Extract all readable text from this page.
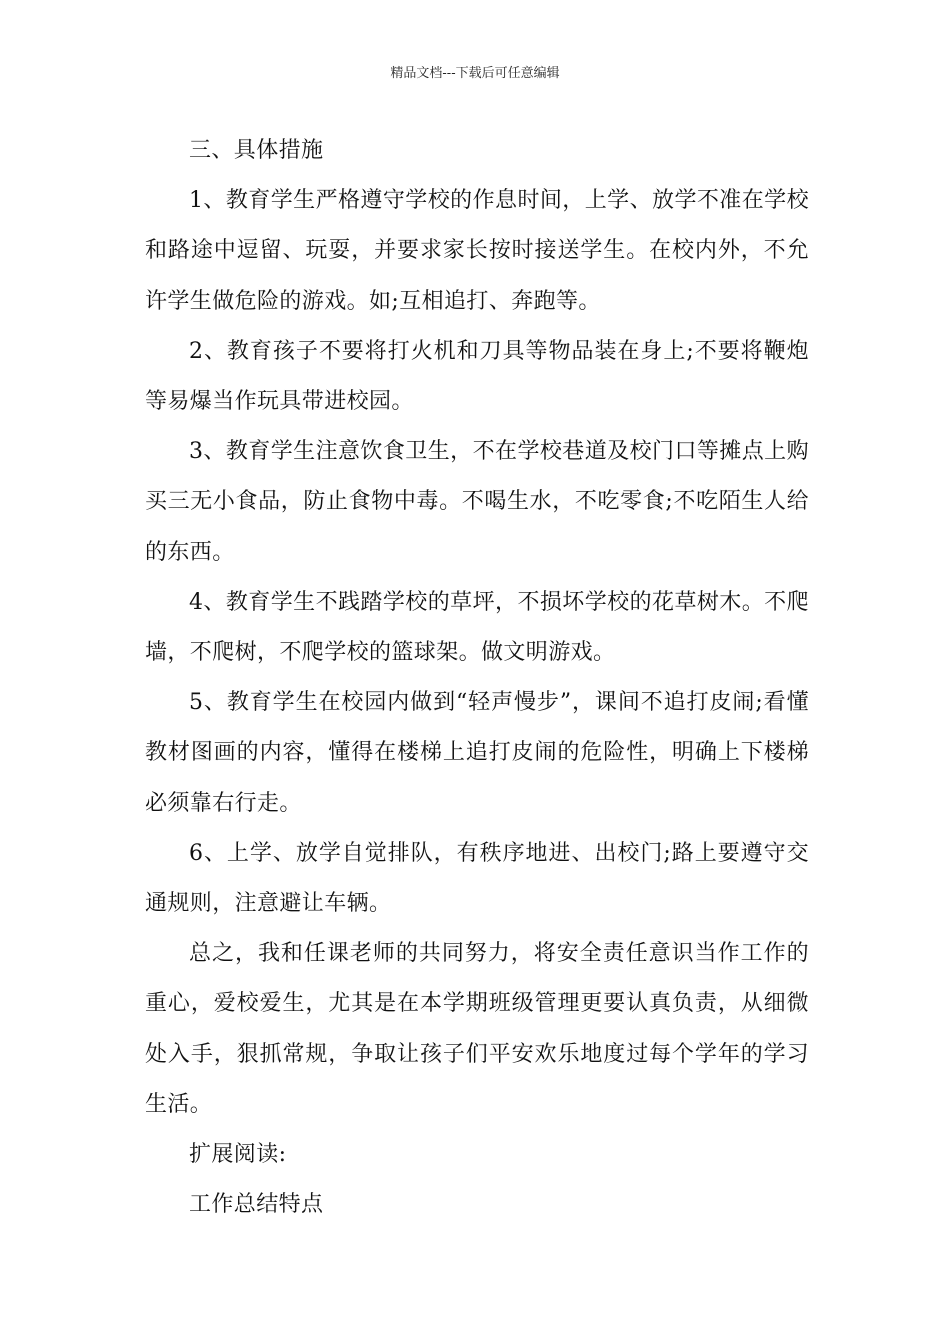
精品文档---下载后可任意编辑

三、具体措施

1、教育学生严格遵守学校的作息时间，上学、放学不准在学校和路途中逗留、玩耍，并要求家长按时接送学生。在校内外，不允许学生做危险的游戏。如;互相追打、奔跑等。

2、教育孩子不要将打火机和刀具等物品装在身上;不要将鞭炮等易爆当作玩具带进校园。

3、教育学生注意饮食卫生，不在学校巷道及校门口等摊点上购买三无小食品，防止食物中毒。不喝生水，不吃零食;不吃陌生人给的东西。

4、教育学生不践踏学校的草坪，不损坏学校的花草树木。不爬墙，不爬树，不爬学校的篮球架。做文明游戏。

5、教育学生在校园内做到“轻声慢步”，课间不追打皮闹;看懂教材图画的内容，懂得在楼梯上追打皮闹的危险性，明确上下楼梯必须靠右行走。

6、上学、放学自觉排队，有秩序地进、出校门;路上要遵守交通规则，注意避让车辆。

总之，我和任课老师的共同努力，将安全责任意识当作工作的重心，爱校爱生，尤其是在本学期班级管理更要认真负责，从细微处入手，狠抓常规，争取让孩子们平安欢乐地度过每个学年的学习生活。

扩展阅读:

工作总结特点
